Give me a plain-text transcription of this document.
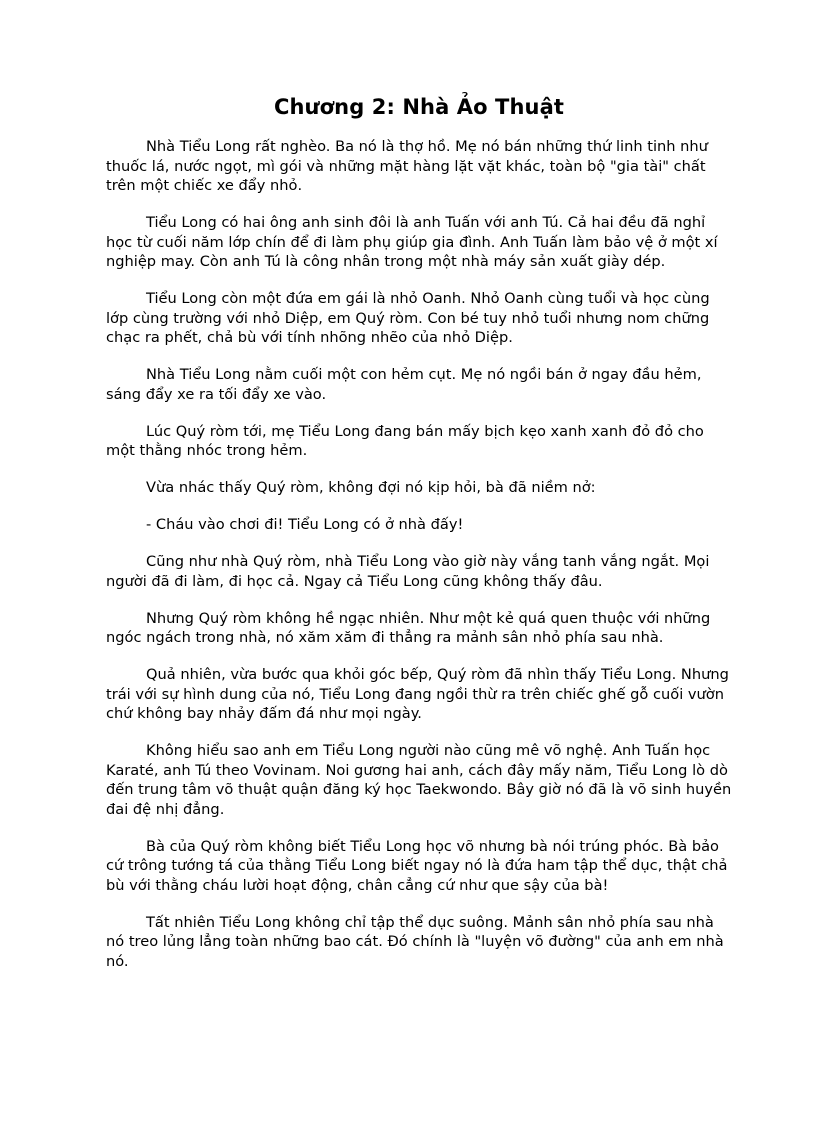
Chương 2: Nhà Ảo Thuật

Nhà Tiểu Long rất nghèo. Ba nó là thợ hồ. Mẹ nó bán những thứ linh tinh như thuốc lá, nước ngọt, mì gói và những mặt hàng lặt vặt khác, toàn bộ "gia tài" chất trên một chiếc xe đẩy nhỏ.

Tiểu Long có hai ông anh sinh đôi là anh Tuấn với anh Tú. Cả hai đều đã nghỉ học từ cuối năm lớp chín để đi làm phụ giúp gia đình. Anh Tuấn làm bảo vệ ở một xí nghiệp may. Còn anh Tú là công nhân trong một nhà máy sản xuất giày dép.

Tiểu Long còn một đứa em gái là nhỏ Oanh. Nhỏ Oanh cùng tuổi và học cùng lớp cùng trường với nhỏ Diệp, em Quý ròm. Con bé tuy nhỏ tuổi nhưng nom chững chạc ra phết, chả bù với tính nhõng nhẽo của nhỏ Diệp.

Nhà Tiểu Long nằm cuối một con hẻm cụt. Mẹ nó ngồi bán ở ngay đầu hẻm, sáng đẩy xe ra tối đẩy xe vào.

Lúc Quý ròm tới, mẹ Tiểu Long đang bán mấy bịch kẹo xanh xanh đỏ đỏ cho một thằng nhóc trong hẻm.

Vừa nhác thấy Quý ròm, không đợi nó kịp hỏi, bà đã niềm nở:

- Cháu vào chơi đi! Tiểu Long có ở nhà đấy!

Cũng như nhà Quý ròm, nhà Tiểu Long vào giờ này vắng tanh vắng ngắt. Mọi người đã đi làm, đi học cả. Ngay cả Tiểu Long cũng không thấy đâu.

Nhưng Quý ròm không hề ngạc nhiên. Như một kẻ quá quen thuộc với những ngóc ngách trong nhà, nó xăm xăm đi thẳng ra mảnh sân nhỏ phía sau nhà.

Quả nhiên, vừa bước qua khỏi góc bếp, Quý ròm đã nhìn thấy Tiểu Long. Nhưng trái với sự hình dung của nó, Tiểu Long đang ngồi thừ ra trên chiếc ghế gỗ cuối vườn chứ không bay nhảy đấm đá như mọi ngày.

Không hiểu sao anh em Tiểu Long người nào cũng mê võ nghệ. Anh Tuấn học Karaté, anh Tú theo Vovinam. Noi gương hai anh, cách đây mấy năm, Tiểu Long lò dò đến trung tâm võ thuật quận đăng ký học Taekwondo. Bây giờ nó đã là võ sinh huyền đai đệ nhị đẳng.

Bà của Quý ròm không biết Tiểu Long học võ nhưng bà nói trúng phóc. Bà bảo cứ trông tướng tá của thằng Tiểu Long biết ngay nó là đứa ham tập thể dục, thật chả bù với thằng cháu lười hoạt động, chân cẳng cứ như que sậy của bà!

Tất nhiên Tiểu Long không chỉ tập thể dục suông. Mảnh sân nhỏ phía sau nhà nó treo lủng lẳng toàn những bao cát. Đó chính là "luyện võ đường" của anh em nhà nó.
